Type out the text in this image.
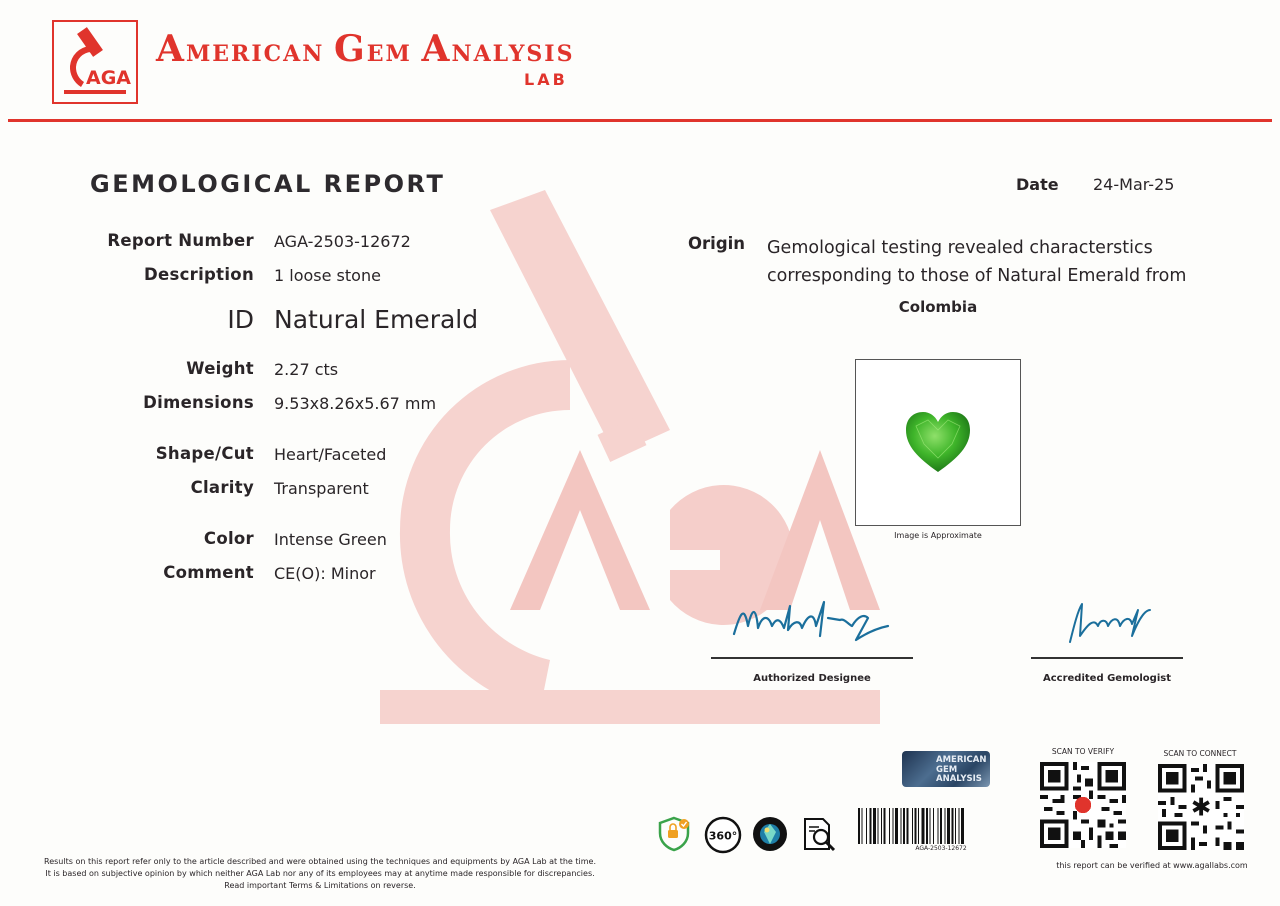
AGA
AMERICAN GEM ANALYSIS
LAB
GEMOLOGICAL REPORT	Date 24-Mar-25
Report Number AGA-2503-12672
Description 1 loose stone
ID Natural Emerald
Weight 2.27 cts
Dimensions 9.53x8.26x5.67 mm
Shape/Cut Heart/Faceted
Clarity Transparent
Color Intense Green
Comment CE(O): Minor
Origin Gemological testing revealed characterstics corresponding to those of Natural Emerald from
Colombia
Image is Approximate
Authorized Designee	Accredited Gemologist
AMERICAN
GEM
ANALYSIS
SCAN TO VERIFY	SCAN TO CONNECT
✱
360°
AGA-2503-12672
this report can be verified at www.agallabs.com
Results on this report refer only to the article described and were obtained using the techniques and equipments by AGA Lab at the time.
It is based on subjective opinion by which neither AGA Lab nor any of its employees may at anytime made responsible for discrepancies.
Read important Terms & Limitations on reverse.
